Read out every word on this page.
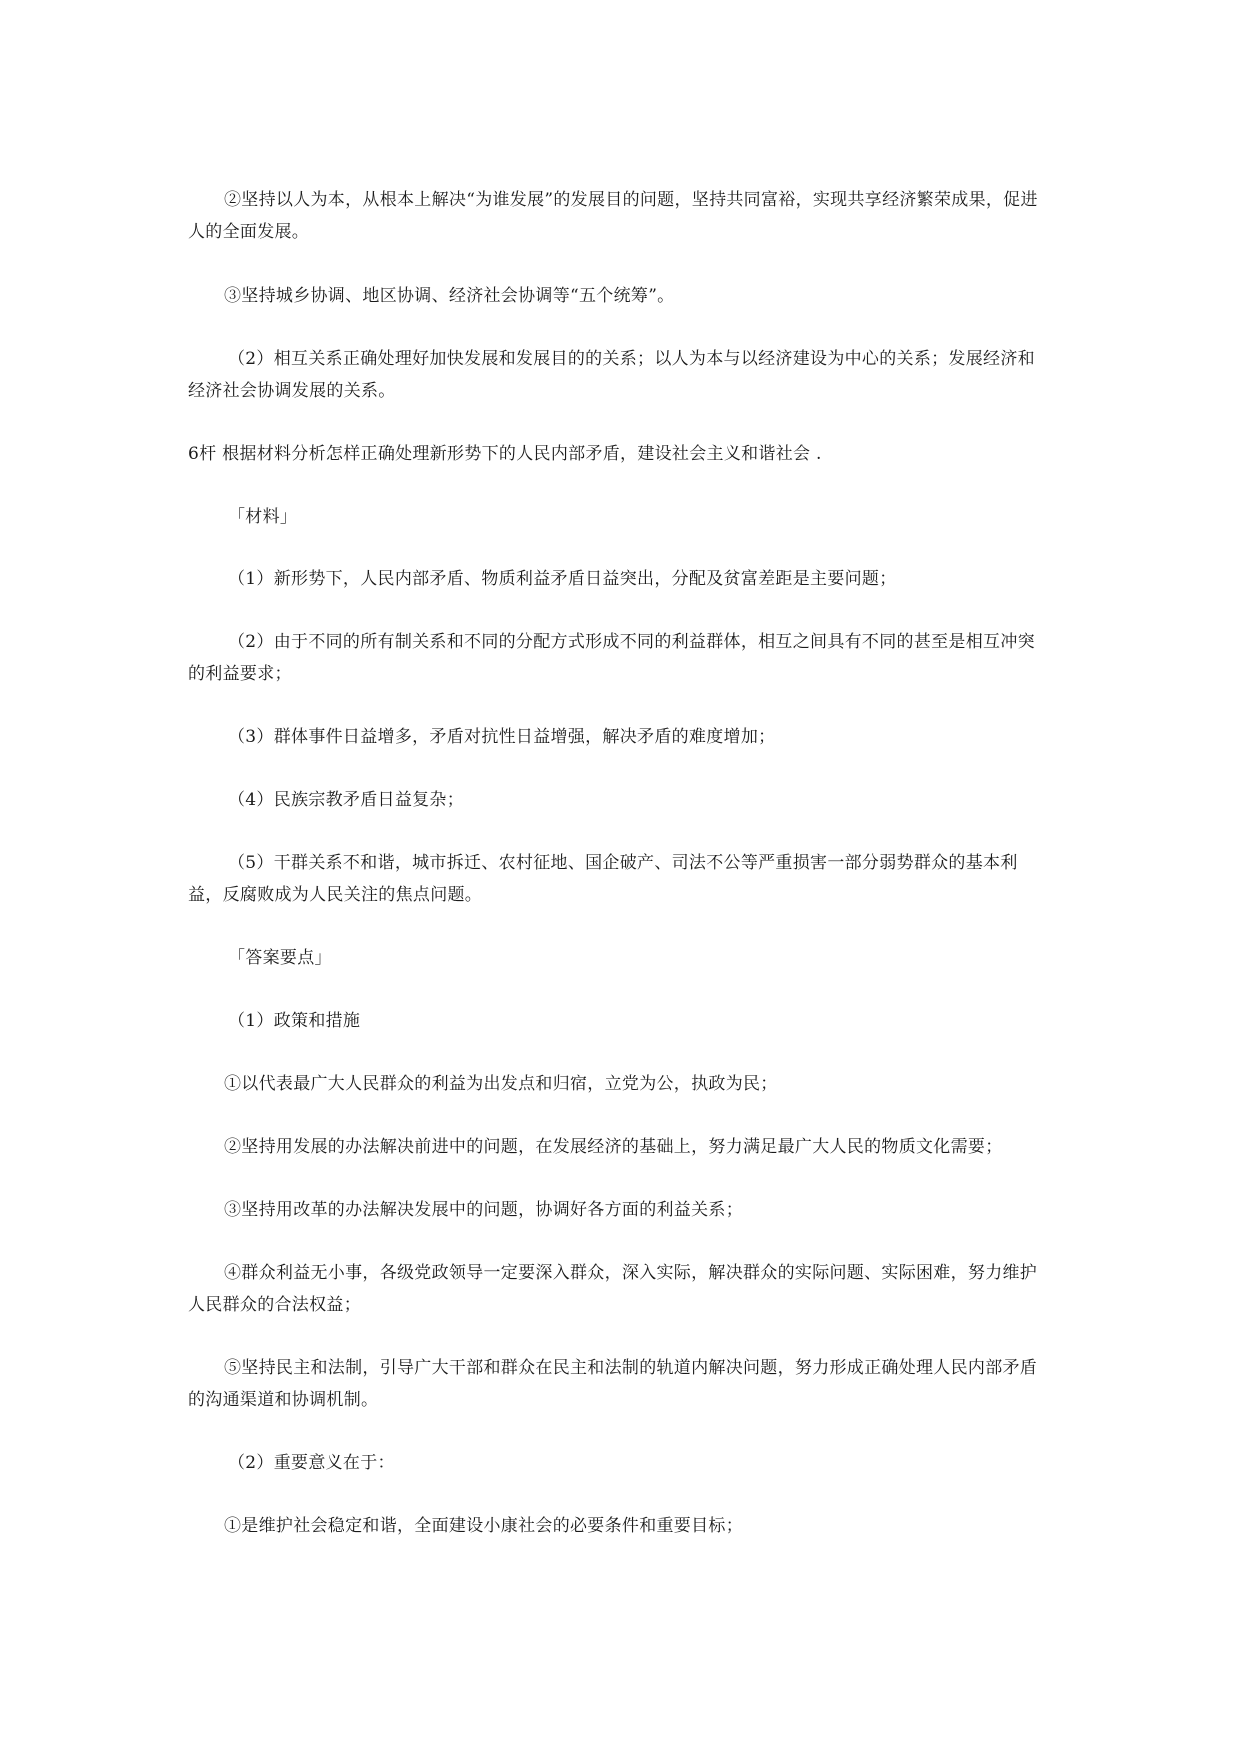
②坚持以人为本，从根本上解决“为谁发展”的发展目的问题，坚持共同富裕，实现共享经济繁荣成果，促进人的全面发展。

③坚持城乡协调、地区协调、经济社会协调等“五个统筹”。

（2）相互关系正确处理好加快发展和发展目的的关系；以人为本与以经济建设为中心的关系；发展经济和经济社会协调发展的关系。

6杆 根据材料分析怎样正确处理新形势下的人民内部矛盾，建设社会主义和谐社会 .

「材料」

（1）新形势下，人民内部矛盾、物质利益矛盾日益突出，分配及贫富差距是主要问题；

（2）由于不同的所有制关系和不同的分配方式形成不同的利益群体，相互之间具有不同的甚至是相互冲突的利益要求；

（3）群体事件日益增多，矛盾对抗性日益增强，解决矛盾的难度增加；

（4）民族宗教矛盾日益复杂；

（5）干群关系不和谐，城市拆迁、农村征地、国企破产、司法不公等严重损害一部分弱势群众的基本利益，反腐败成为人民关注的焦点问题。

「答案要点」

（1）政策和措施

①以代表最广大人民群众的利益为出发点和归宿，立党为公，执政为民；

②坚持用发展的办法解决前进中的问题，在发展经济的基础上，努力满足最广大人民的物质文化需要；

③坚持用改革的办法解决发展中的问题，协调好各方面的利益关系；

④群众利益无小事，各级党政领导一定要深入群众，深入实际，解决群众的实际问题、实际困难，努力维护人民群众的合法权益；

⑤坚持民主和法制，引导广大干部和群众在民主和法制的轨道内解决问题，努力形成正确处理人民内部矛盾的沟通渠道和协调机制。

（2）重要意义在于：

①是维护社会稳定和谐，全面建设小康社会的必要条件和重要目标；
